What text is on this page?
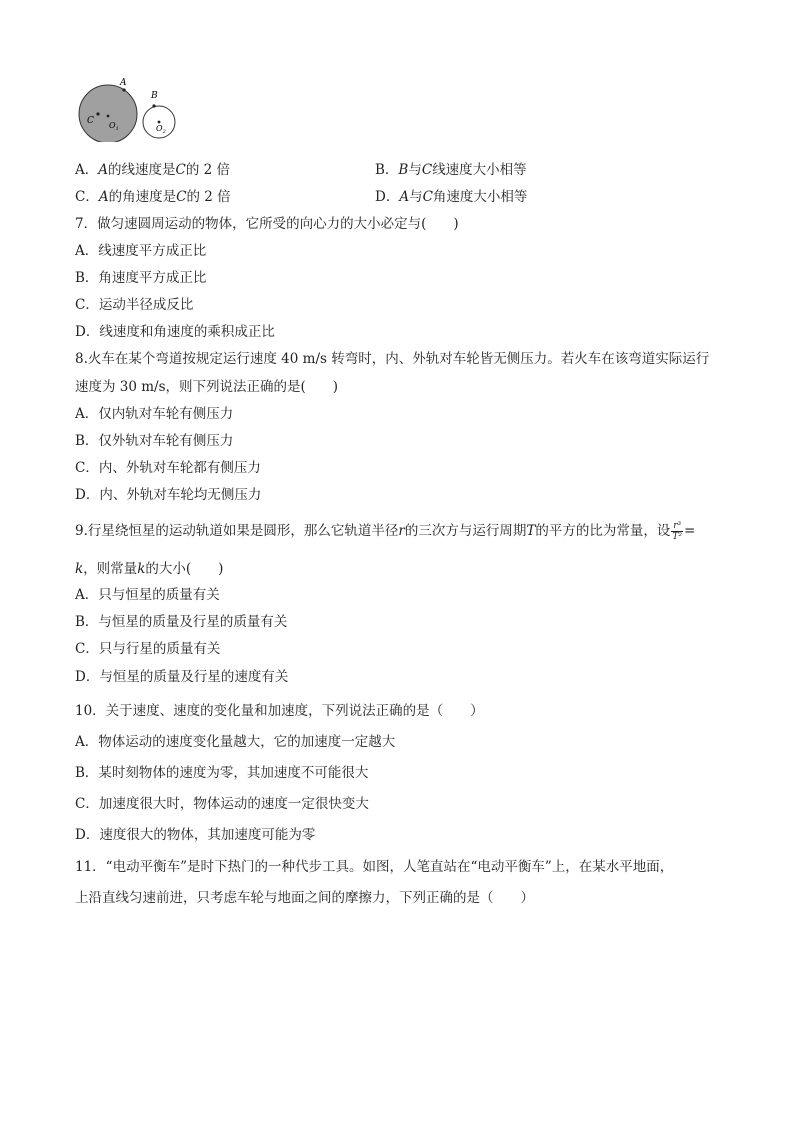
A
C $O_1$
B
$O_2$
A．A的线速度是C的 2 倍	B．B与C线速度大小相等
C．A的角速度是C的 2 倍	D．A与C角速度大小相等
7．做匀速圆周运动的物体，它所受的向心力的大小必定与(　　)
A．线速度平方成正比
B．角速度平方成正比
C．运动半径成反比
D．线速度和角速度的乘积成正比
8.火车在某个弯道按规定运行速度 40 m/s 转弯时，内、外轨对车轮皆无侧压力。若火车在该弯道实际运行
速度为 30 m/s，则下列说法正确的是(　　)
A．仅内轨对车轮有侧压力
B．仅外轨对车轮有侧压力
C．内、外轨对车轮都有侧压力
D．内、外轨对车轮均无侧压力
9.行星绕恒星的运动轨道如果是圆形，那么它轨道半径r的三次方与运行周期T的平方的比为常量，设 $\frac{\text{r³}}{\text{T²}}$ =
k，则常量k的大小(　　)
A．只与恒星的质量有关
B．与恒星的质量及行星的质量有关
C．只与行星的质量有关
D．与恒星的质量及行星的速度有关
10．关于速度、速度的变化量和加速度，下列说法正确的是（　　）
A．物体运动的速度变化量越大，它的加速度一定越大
B．某时刻物体的速度为零，其加速度不可能很大
C．加速度很大时，物体运动的速度一定很快变大
D．速度很大的物体，其加速度可能为零
11．“电动平衡车”是时下热门的一种代步工具。如图，人笔直站在“电动平衡车”上，在某水平地面，
上沿直线匀速前进，只考虑车轮与地面之间的摩擦力，下列正确的是（　　）
